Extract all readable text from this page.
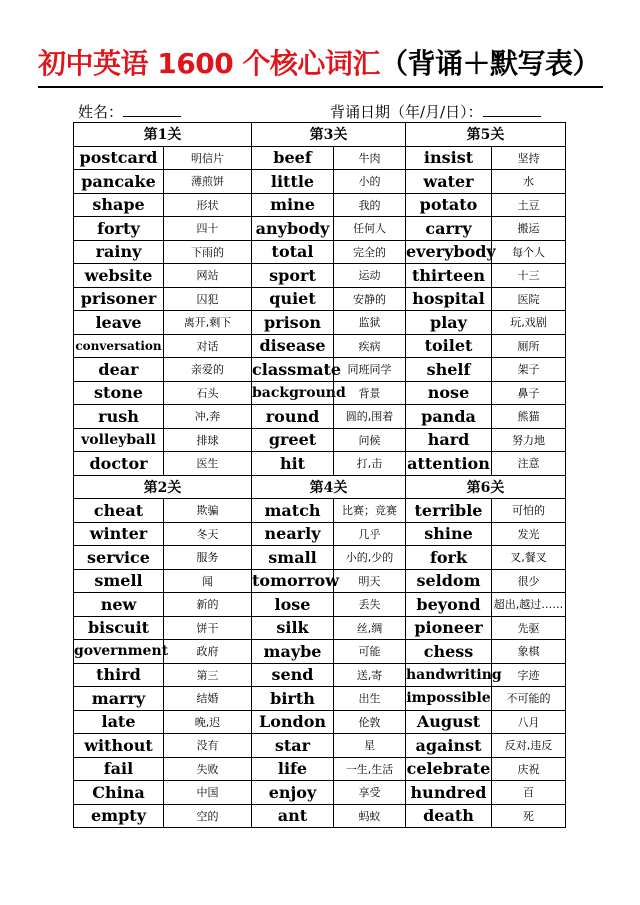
初中英语 1600 个核心词汇（背诵＋默写表）
姓名：	背诵日期（年/月/日）：
第1关		第3关		第5关	
postcard	明信片	beef	牛肉	insist	坚持
pancake	薄煎饼	little	小的	water	水
shape	形状	mine	我的	potato	土豆
forty	四十	anybody	任何人	carry	搬运
rainy	下雨的	total	完全的	everybody	每个人
website	网站	sport	运动	thirteen	十三
prisoner	囚犯	quiet	安静的	hospital	医院
leave	离开,剩下	prison	监狱	play	玩,戏剧
conversation	对话	disease	疾病	toilet	厕所
dear	亲爱的	classmate	同班同学	shelf	架子
stone	石头	background	背景	nose	鼻子
rush	冲,奔	round	圆的,围着	panda	熊猫
volleyball	排球	greet	问候	hard	努力地
doctor	医生	hit	打,击	attention	注意
第2关		第4关		第6关	
cheat	欺骗	match	比赛；竞赛	terrible	可怕的
winter	冬天	nearly	几乎	shine	发光
service	服务	small	小的,少的	fork	叉,餐叉
smell	闻	tomorrow	明天	seldom	很少
new	新的	lose	丢失	beyond	超出,越过……
biscuit	饼干	silk	丝,绸	pioneer	先驱
government	政府	maybe	可能	chess	象棋
third	第三	send	送,寄	handwriting	字迹
marry	结婚	birth	出生	impossible	不可能的
late	晚,迟	London	伦敦	August	八月
without	没有	star	星	against	反对,违反
fail	失败	life	一生,生活	celebrate	庆祝
China	中国	enjoy	享受	hundred	百
empty	空的	ant	蚂蚁	death	死
